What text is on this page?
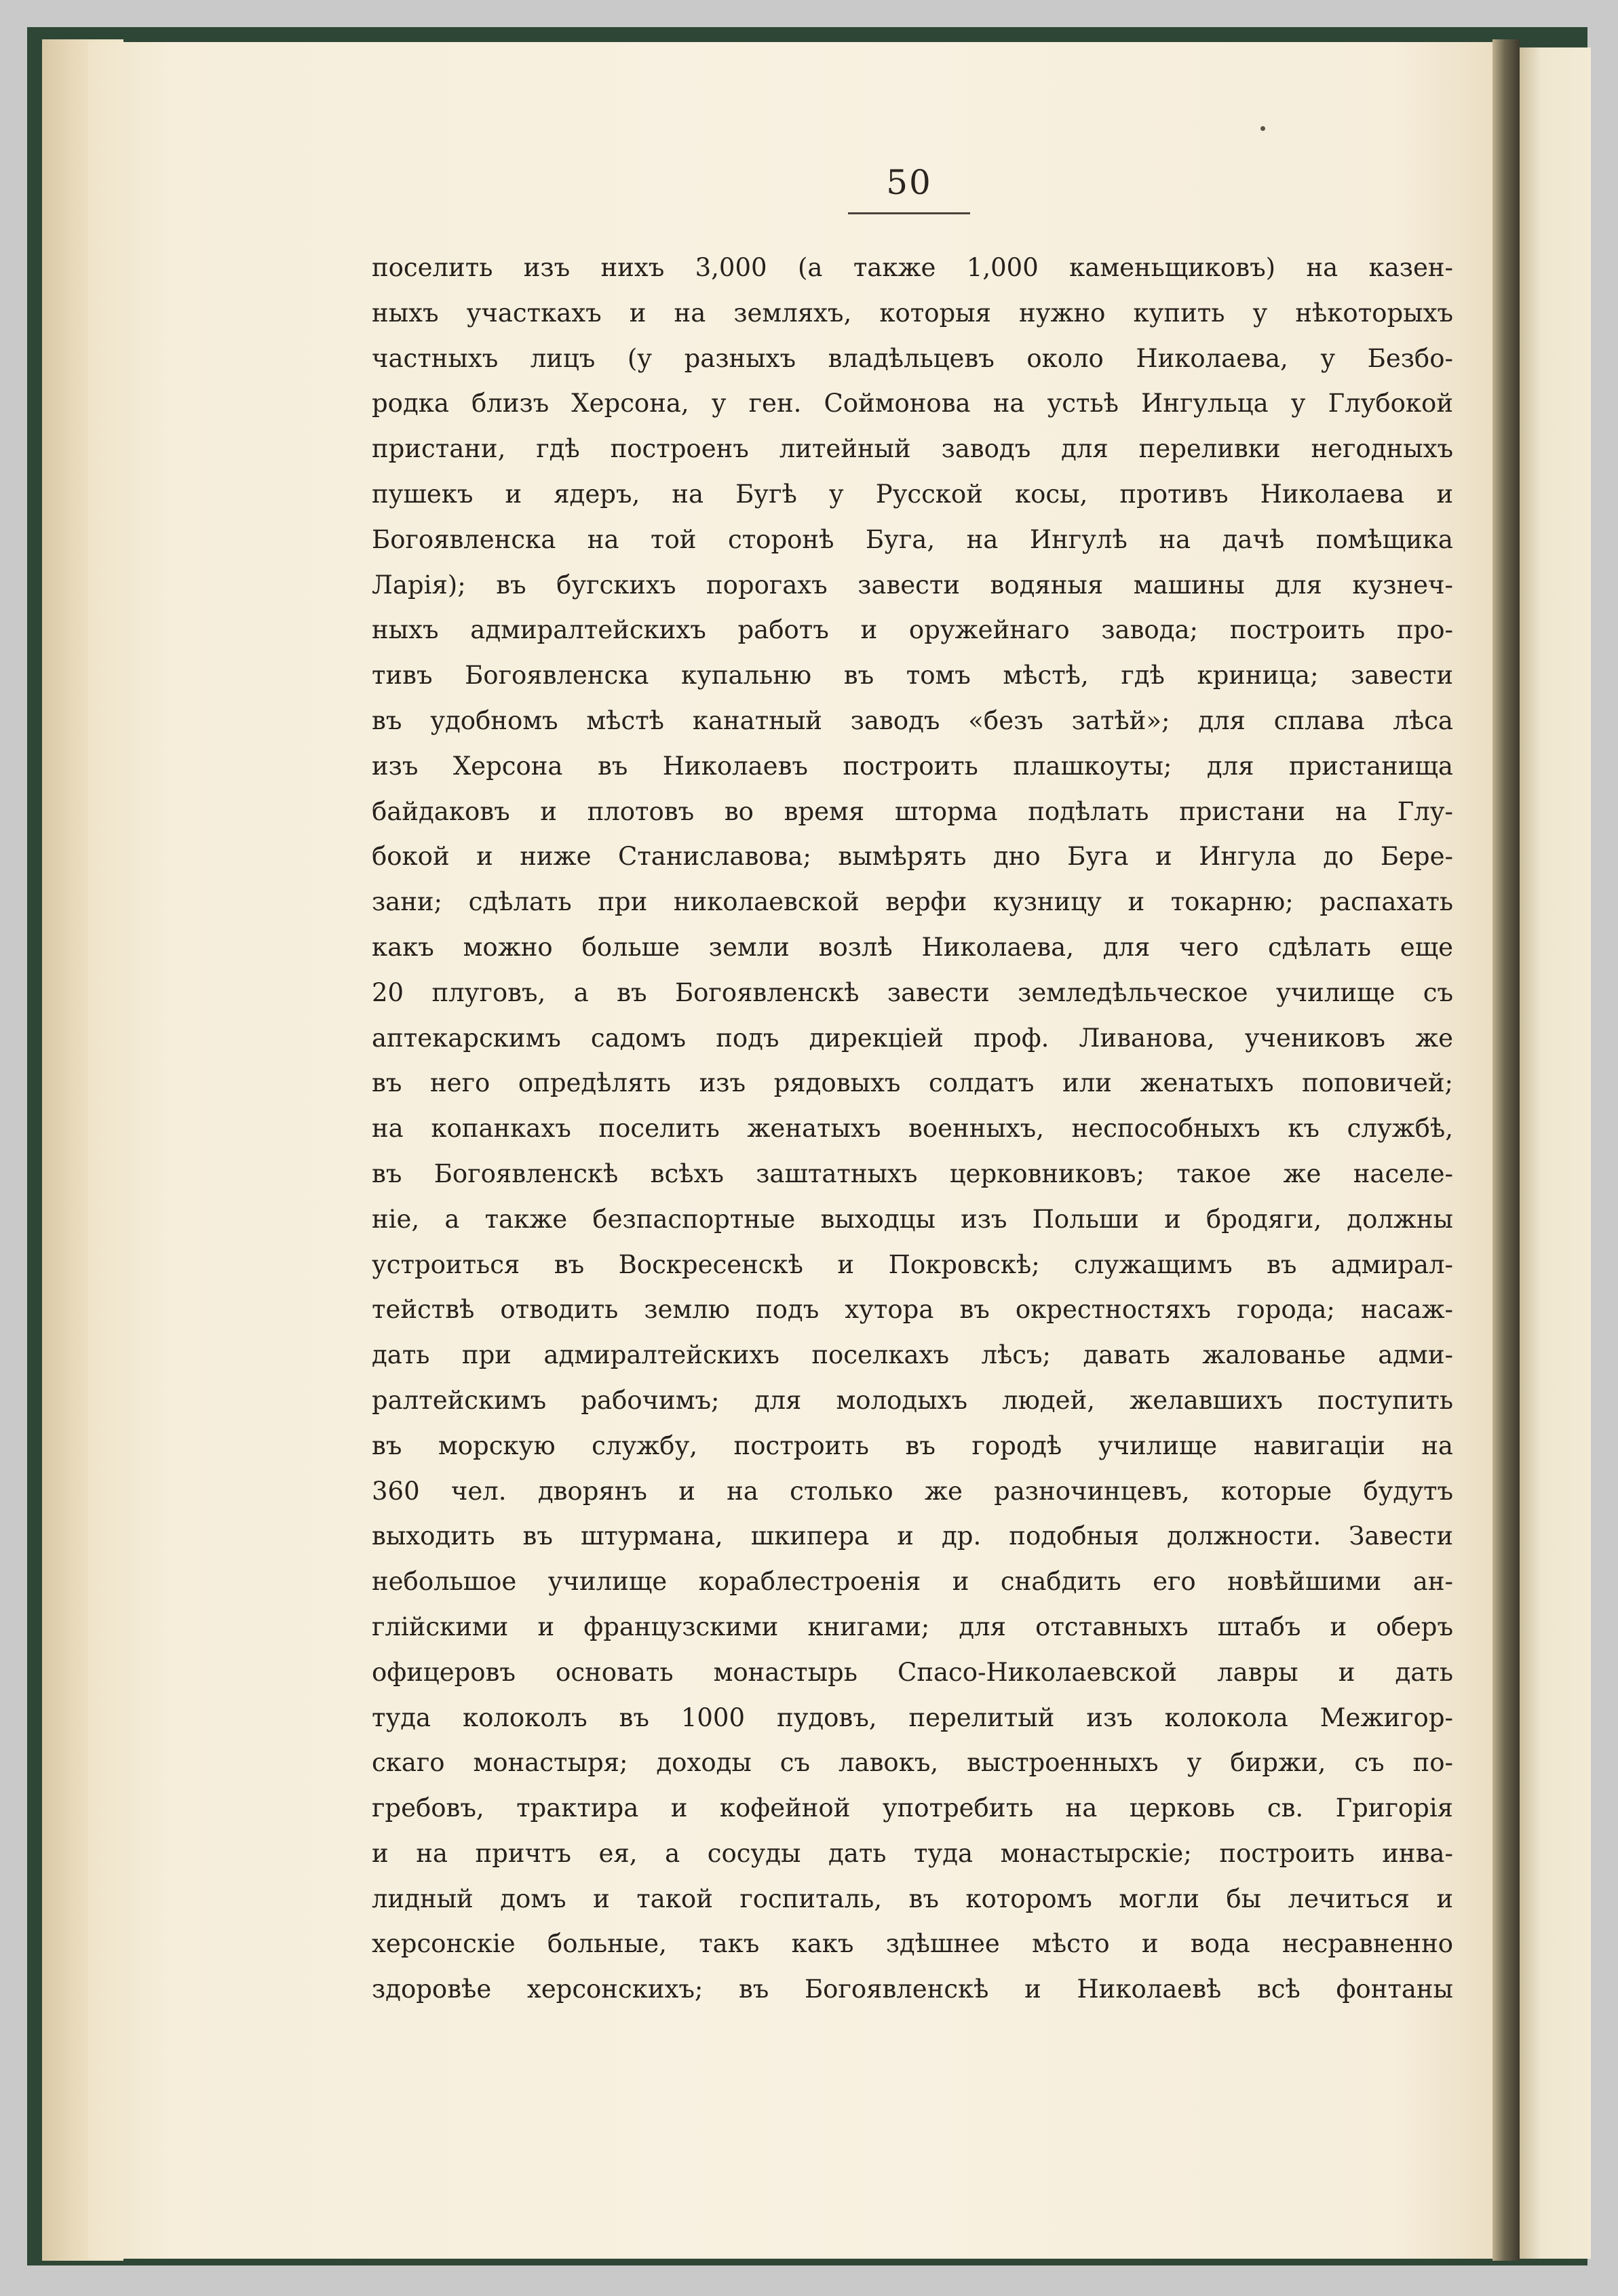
50
поселить изъ нихъ 3,000 (а также 1,000 каменьщиковъ) на казен-
ныхъ участкахъ и на земляхъ, которыя нужно купить у нѣкоторыхъ
частныхъ лицъ (у разныхъ владѣльцевъ около Николаева, у Безбо-
родка близъ Херсона, у ген. Соймонова на устьѣ Ингульца у Глубокой
пристани, гдѣ построенъ литейный заводъ для переливки негодныхъ
пушекъ и ядеръ, на Бугѣ у Русской косы, противъ Николаева и
Богоявленска на той сторонѣ Буга, на Ингулѣ на дачѣ помѣщика
Ларія); въ бугскихъ порогахъ завести водяныя машины для кузнеч-
ныхъ адмиралтейскихъ работъ и оружейнаго завода; построить про-
тивъ Богоявленска купальню въ томъ мѣстѣ, гдѣ криница; завести
въ удобномъ мѣстѣ канатный заводъ «безъ затѣй»; для сплава лѣса
изъ Херсона въ Николаевъ построить плашкоуты; для пристанища
байдаковъ и плотовъ во время шторма подѣлать пристани на Глу-
бокой и ниже Станиславова; вымѣрять дно Буга и Ингула до Бере-
зани; сдѣлать при николаевской верфи кузницу и токарню; распахать
какъ можно больше земли возлѣ Николаева, для чего сдѣлать еще
20 плуговъ, а въ Богоявленскѣ завести земледѣльческое училище съ
аптекарскимъ садомъ подъ дирекціей проф. Ливанова, учениковъ же
въ него опредѣлять изъ рядовыхъ солдатъ или женатыхъ поповичей;
на копанкахъ поселить женатыхъ военныхъ, неспособныхъ къ службѣ,
въ Богоявленскѣ всѣхъ заштатныхъ церковниковъ; такое же населе-
ніе, а также безпаспортные выходцы изъ Польши и бродяги, должны
устроиться въ Воскресенскѣ и Покровскѣ; служащимъ въ адмирал-
тействѣ отводить землю подъ хутора въ окрестностяхъ города; насаж-
дать при адмиралтейскихъ поселкахъ лѣсъ; давать жалованье адми-
ралтейскимъ рабочимъ; для молодыхъ людей, желавшихъ поступить
въ морскую службу, построить въ городѣ училище навигаціи на
360 чел. дворянъ и на столько же разночинцевъ, которые будутъ
выходить въ штурмана, шкипера и др. подобныя должности. Завести
небольшое училище кораблестроенія и снабдить его новѣйшими ан-
глійскими и французскими книгами; для отставныхъ штабъ и оберъ
офицеровъ основать монастырь Спасо-Николаевской лавры и дать
туда колоколъ въ 1000 пудовъ, перелитый изъ колокола Межигор-
скаго монастыря; доходы съ лавокъ, выстроенныхъ у биржи, съ по-
гребовъ, трактира и кофейной употребить на церковь св. Григорія
и на причтъ ея, а сосуды дать туда монастырскіе; построить инва-
лидный домъ и такой госпиталь, въ которомъ могли бы лечиться и
херсонскіе больные, такъ какъ здѣшнее мѣсто и вода несравненно
здоровѣе херсонскихъ; въ Богоявленскѣ и Николаевѣ всѣ фонтаны
